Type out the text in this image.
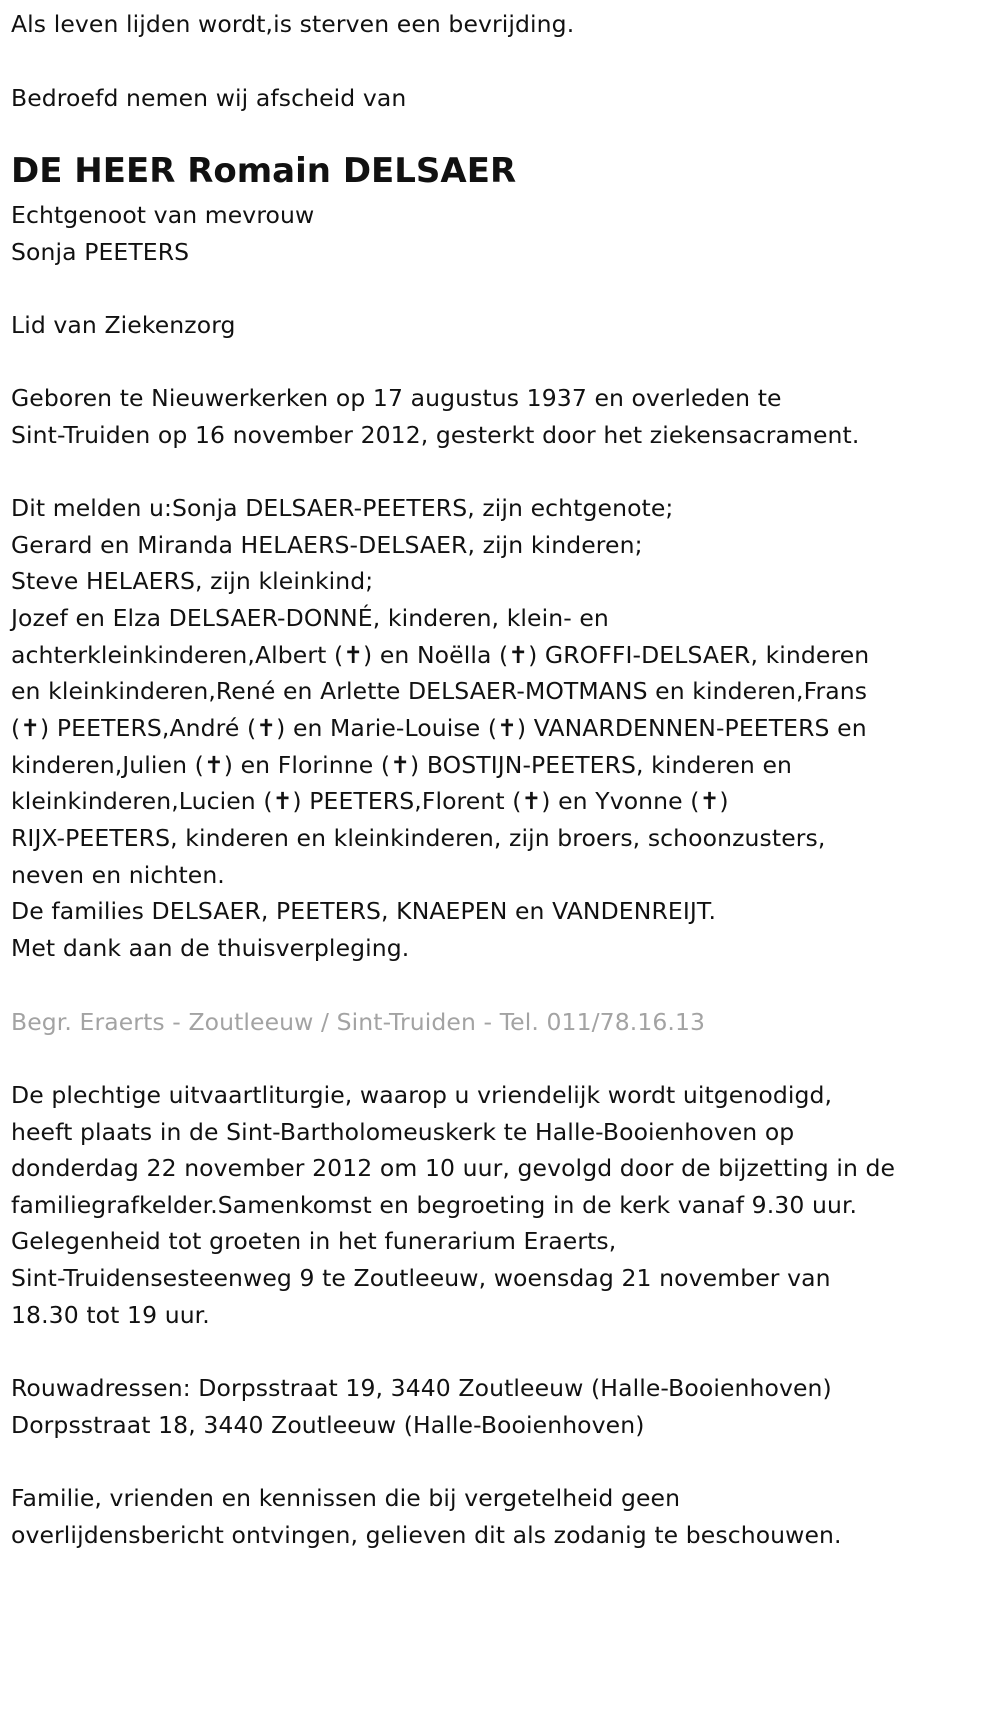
Als leven lijden wordt,is sterven een bevrijding.
Bedroefd nemen wij afscheid van
DE HEER Romain DELSAER
Echtgenoot van mevrouw
Sonja PEETERS
Lid van Ziekenzorg
Geboren te Nieuwerkerken op 17 augustus 1937 en overleden te
Sint-Truiden op 16 november 2012, gesterkt door het ziekensacrament.
Dit melden u:Sonja DELSAER-PEETERS, zijn echtgenote;
Gerard en Miranda HELAERS-DELSAER, zijn kinderen;
Steve HELAERS, zijn kleinkind;
Jozef en Elza DELSAER-DONNÉ, kinderen, klein- en
achterkleinkinderen,Albert (✝) en Noëlla (✝) GROFFI-DELSAER, kinderen
en kleinkinderen,René en Arlette DELSAER-MOTMANS en kinderen,Frans
(✝) PEETERS,André (✝) en Marie-Louise (✝) VANARDENNEN-PEETERS en
kinderen,Julien (✝) en Florinne (✝) BOSTIJN-PEETERS, kinderen en
kleinkinderen,Lucien (✝) PEETERS,Florent (✝) en Yvonne (✝)
RIJX-PEETERS, kinderen en kleinkinderen, zijn broers, schoonzusters,
neven en nichten.
De families DELSAER, PEETERS, KNAEPEN en VANDENREIJT.
Met dank aan de thuisverpleging.
Begr. Eraerts - Zoutleeuw / Sint-Truiden - Tel. 011/78.16.13
De plechtige uitvaartliturgie, waarop u vriendelijk wordt uitgenodigd,
heeft plaats in de Sint-Bartholomeuskerk te Halle-Booienhoven op
donderdag 22 november 2012 om 10 uur, gevolgd door de bijzetting in de
familiegrafkelder.Samenkomst en begroeting in de kerk vanaf 9.30 uur.
Gelegenheid tot groeten in het funerarium Eraerts,
Sint-Truidensesteenweg 9 te Zoutleeuw, woensdag 21 november van
18.30 tot 19 uur.
Rouwadressen: Dorpsstraat 19, 3440 Zoutleeuw (Halle-Booienhoven)
Dorpsstraat 18, 3440 Zoutleeuw (Halle-Booienhoven)
Familie, vrienden en kennissen die bij vergetelheid geen
overlijdensbericht ontvingen, gelieven dit als zodanig te beschouwen.
